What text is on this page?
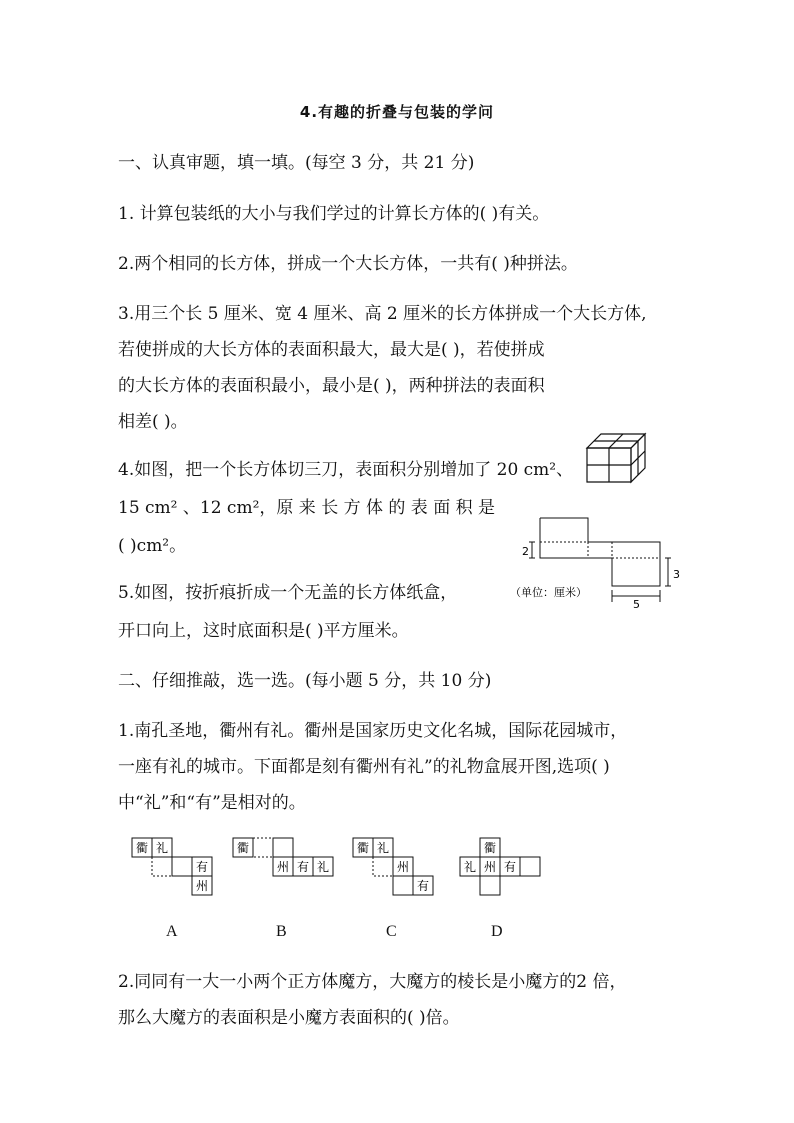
4.有趣的折叠与包装的学问
一、认真审题，填一填。(每空 3 分，共 21 分)
1. 计算包装纸的大小与我们学过的计算长方体的( )有关。
2.两个相同的长方体，拼成一个大长方体，一共有( )种拼法。
3.用三个长 5 厘米、宽 4 厘米、高 2 厘米的长方体拼成一个大长方体,
若使拼成的大长方体的表面积最大，最大是( )，若使拼成
的大长方体的表面积最小，最小是( )，两种拼法的表面积
相差( )。
4.如图，把一个长方体切三刀，表面积分别增加了 20 cm²、
15 cm² 、12 cm²，原 来 长 方 体 的 表 面 积 是
( )cm²。	2
3
5
（单位：厘米）
5.如图，按折痕折成一个无盖的长方体纸盒，
开口向上，这时底面积是( )平方厘米。
二、仔细推敲，选一选。(每小题 5 分，共 10 分)
1.南孔圣地，衢州有礼。衢州是国家历史文化名城，国际花园城市，
一座有礼的城市。下面都是刻有衢州有礼”的礼物盒展开图,选项( )
中“礼”和“有”是相对的。
衢 礼
有
州
衢
州 有 礼
衢 礼
州
有
衢
礼 州 有
A	B	C	D
2.同同有一大一小两个正方体魔方，大魔方的棱长是小魔方的2 倍，
那么大魔方的表面积是小魔方表面积的( )倍。
